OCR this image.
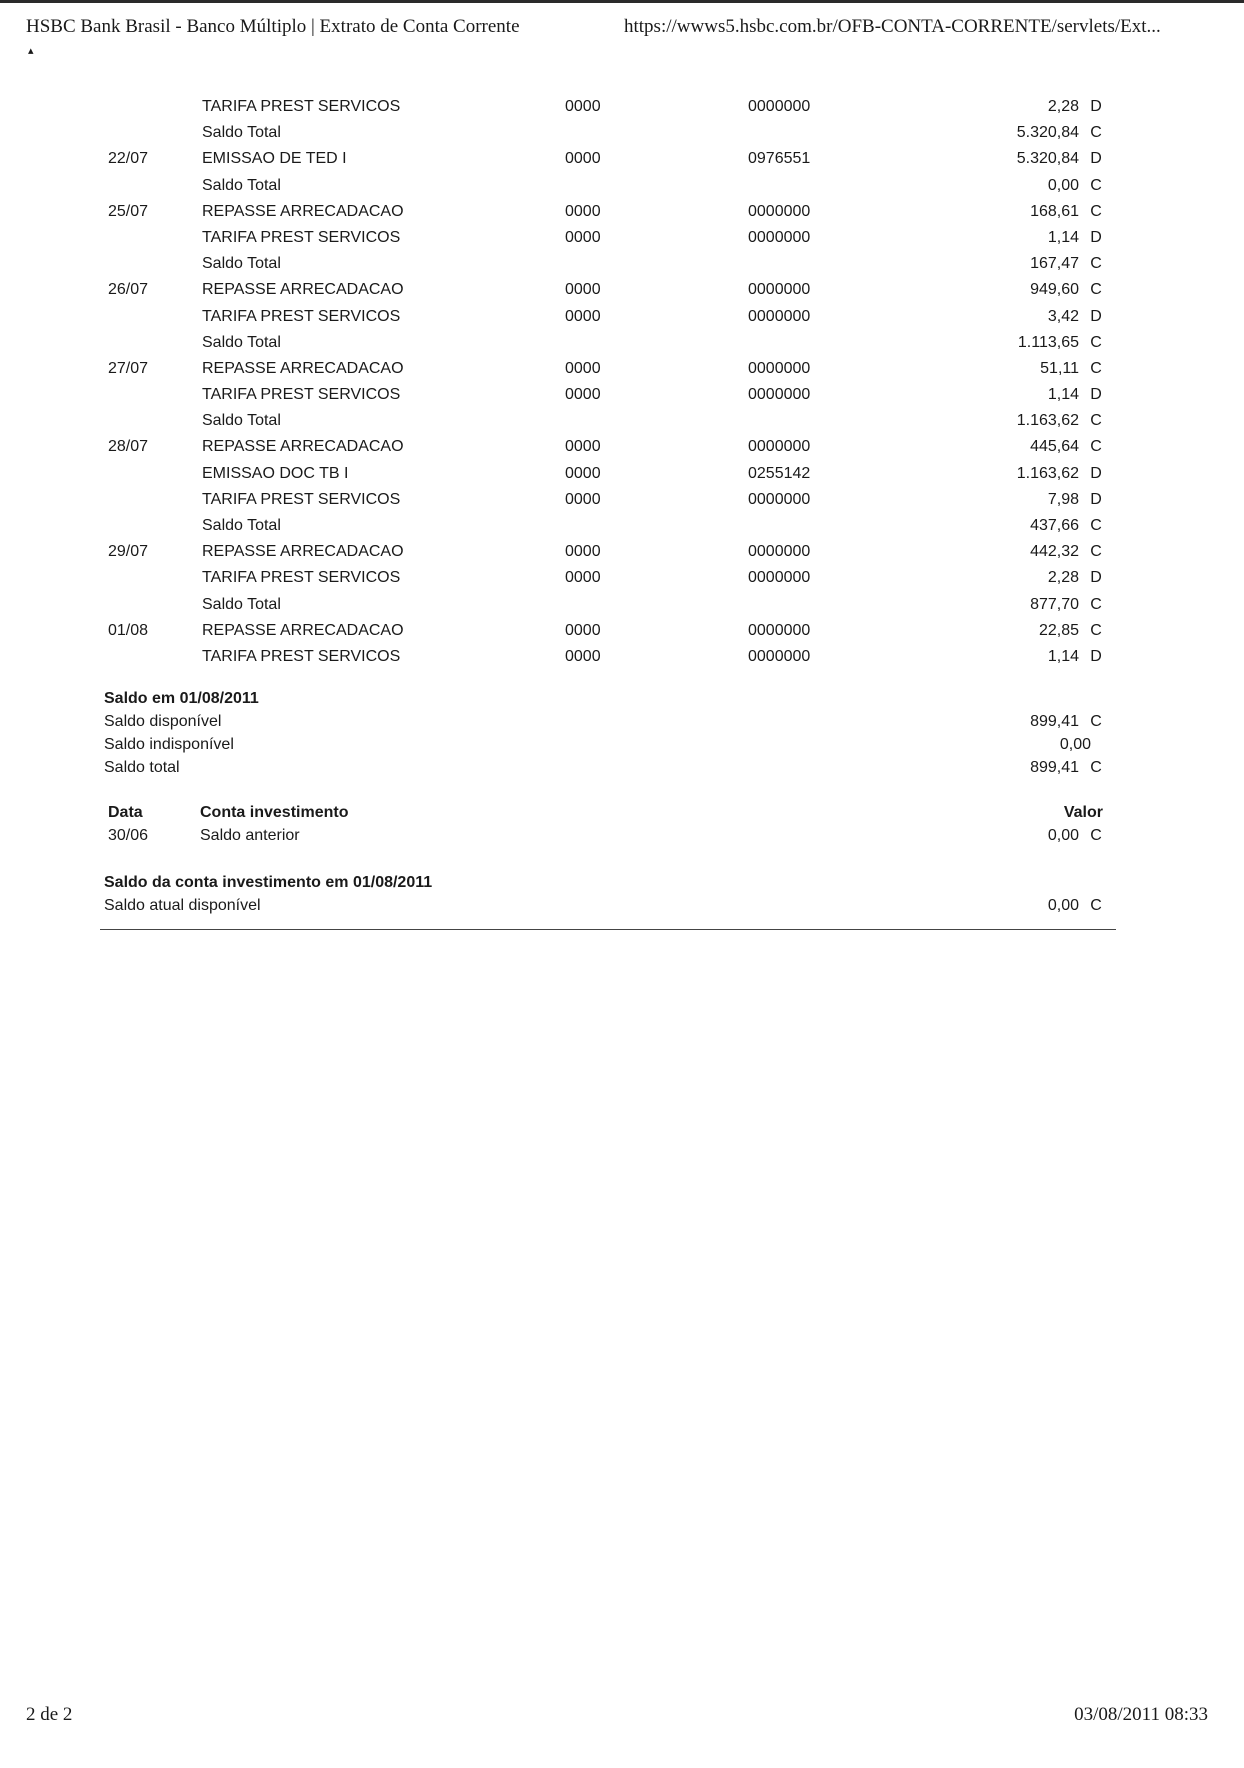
HSBC Bank Brasil - Banco Múltiplo | Extrato de Conta Corrente	https://wwws5.hsbc.com.br/OFB-CONTA-CORRENTE/servlets/Ext...
▴
TARIFA PREST SERVICOS	0000	0000000	2,28 D
Saldo Total	5.320,84 C
22/07	EMISSAO DE TED I	0000	0976551	5.320,84 D
Saldo Total	0,00 C
25/07	REPASSE ARRECADACAO	0000	0000000	168,61 C
TARIFA PREST SERVICOS	0000	0000000	1,14 D
Saldo Total	167,47 C
26/07	REPASSE ARRECADACAO	0000	0000000	949,60 C
TARIFA PREST SERVICOS	0000	0000000	3,42 D
Saldo Total	1.113,65 C
27/07	REPASSE ARRECADACAO	0000	0000000	51,11 C
TARIFA PREST SERVICOS	0000	0000000	1,14 D
Saldo Total	1.163,62 C
28/07	REPASSE ARRECADACAO	0000	0000000	445,64 C
EMISSAO DOC TB I	0000	0255142	1.163,62 D
TARIFA PREST SERVICOS	0000	0000000	7,98 D
Saldo Total	437,66 C
29/07	REPASSE ARRECADACAO	0000	0000000	442,32 C
TARIFA PREST SERVICOS	0000	0000000	2,28 D
Saldo Total	877,70 C
01/08	REPASSE ARRECADACAO	0000	0000000	22,85 C
TARIFA PREST SERVICOS	0000	0000000	1,14 D
Saldo em 01/08/2011
Saldo disponível	899,41 C
Saldo indisponível	0,00
Saldo total	899,41 C
Data	Conta investimento	Valor
30/06	Saldo anterior	0,00 C
Saldo da conta investimento em 01/08/2011
Saldo atual disponível	0,00 C
2 de 2	03/08/2011 08:33
